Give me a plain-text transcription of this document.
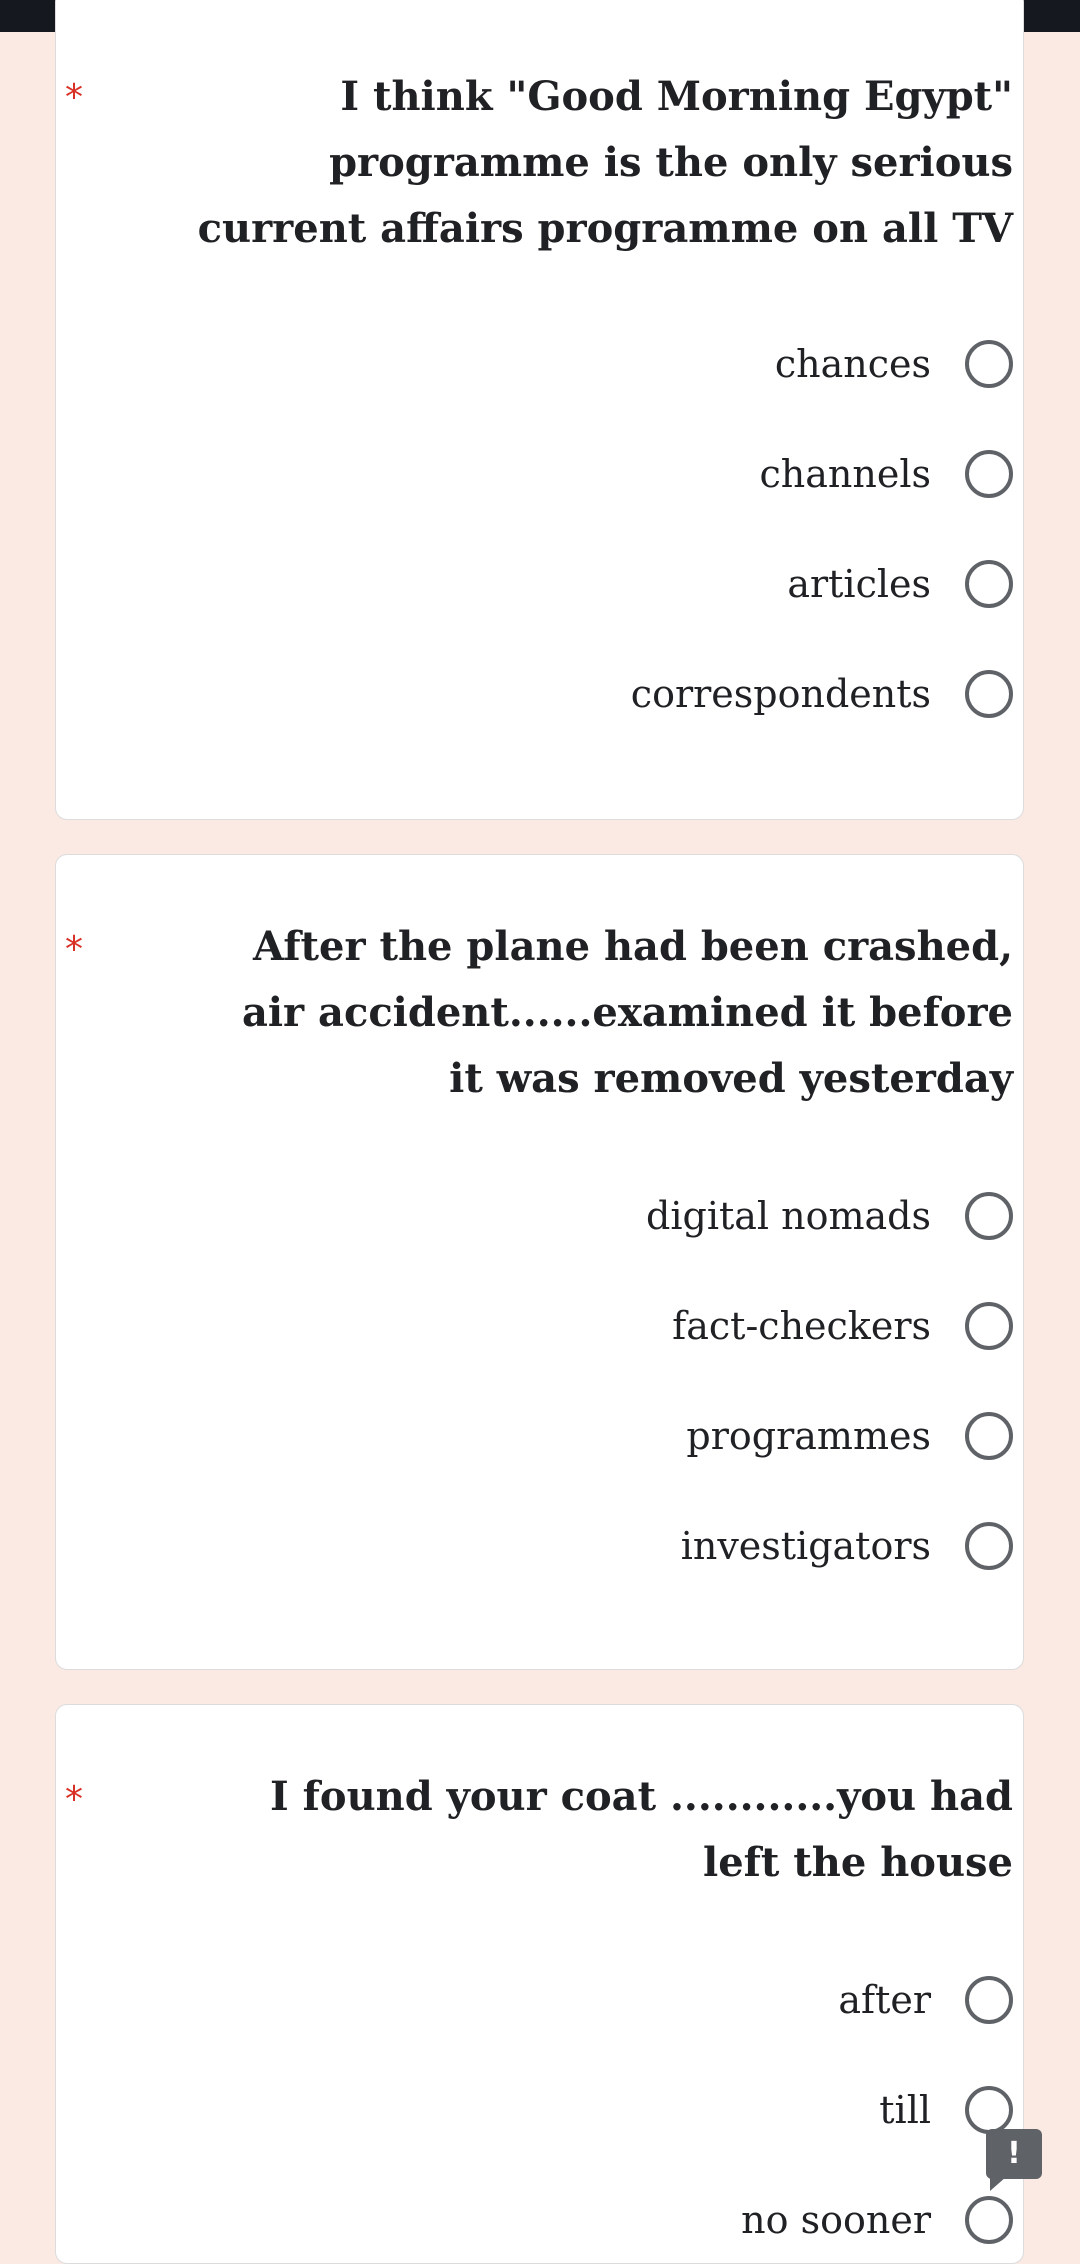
*	I think "Good Morning Egypt"
programme is the only serious
current affairs programme on all TV
chances
channels
articles
correspondents
*	After the plane had been crashed,
air accident......examined it before
it was removed yesterday
digital nomads
fact-checkers
programmes
investigators
*	I found your coat ............you had
left the house
after
till
no sooner
!
